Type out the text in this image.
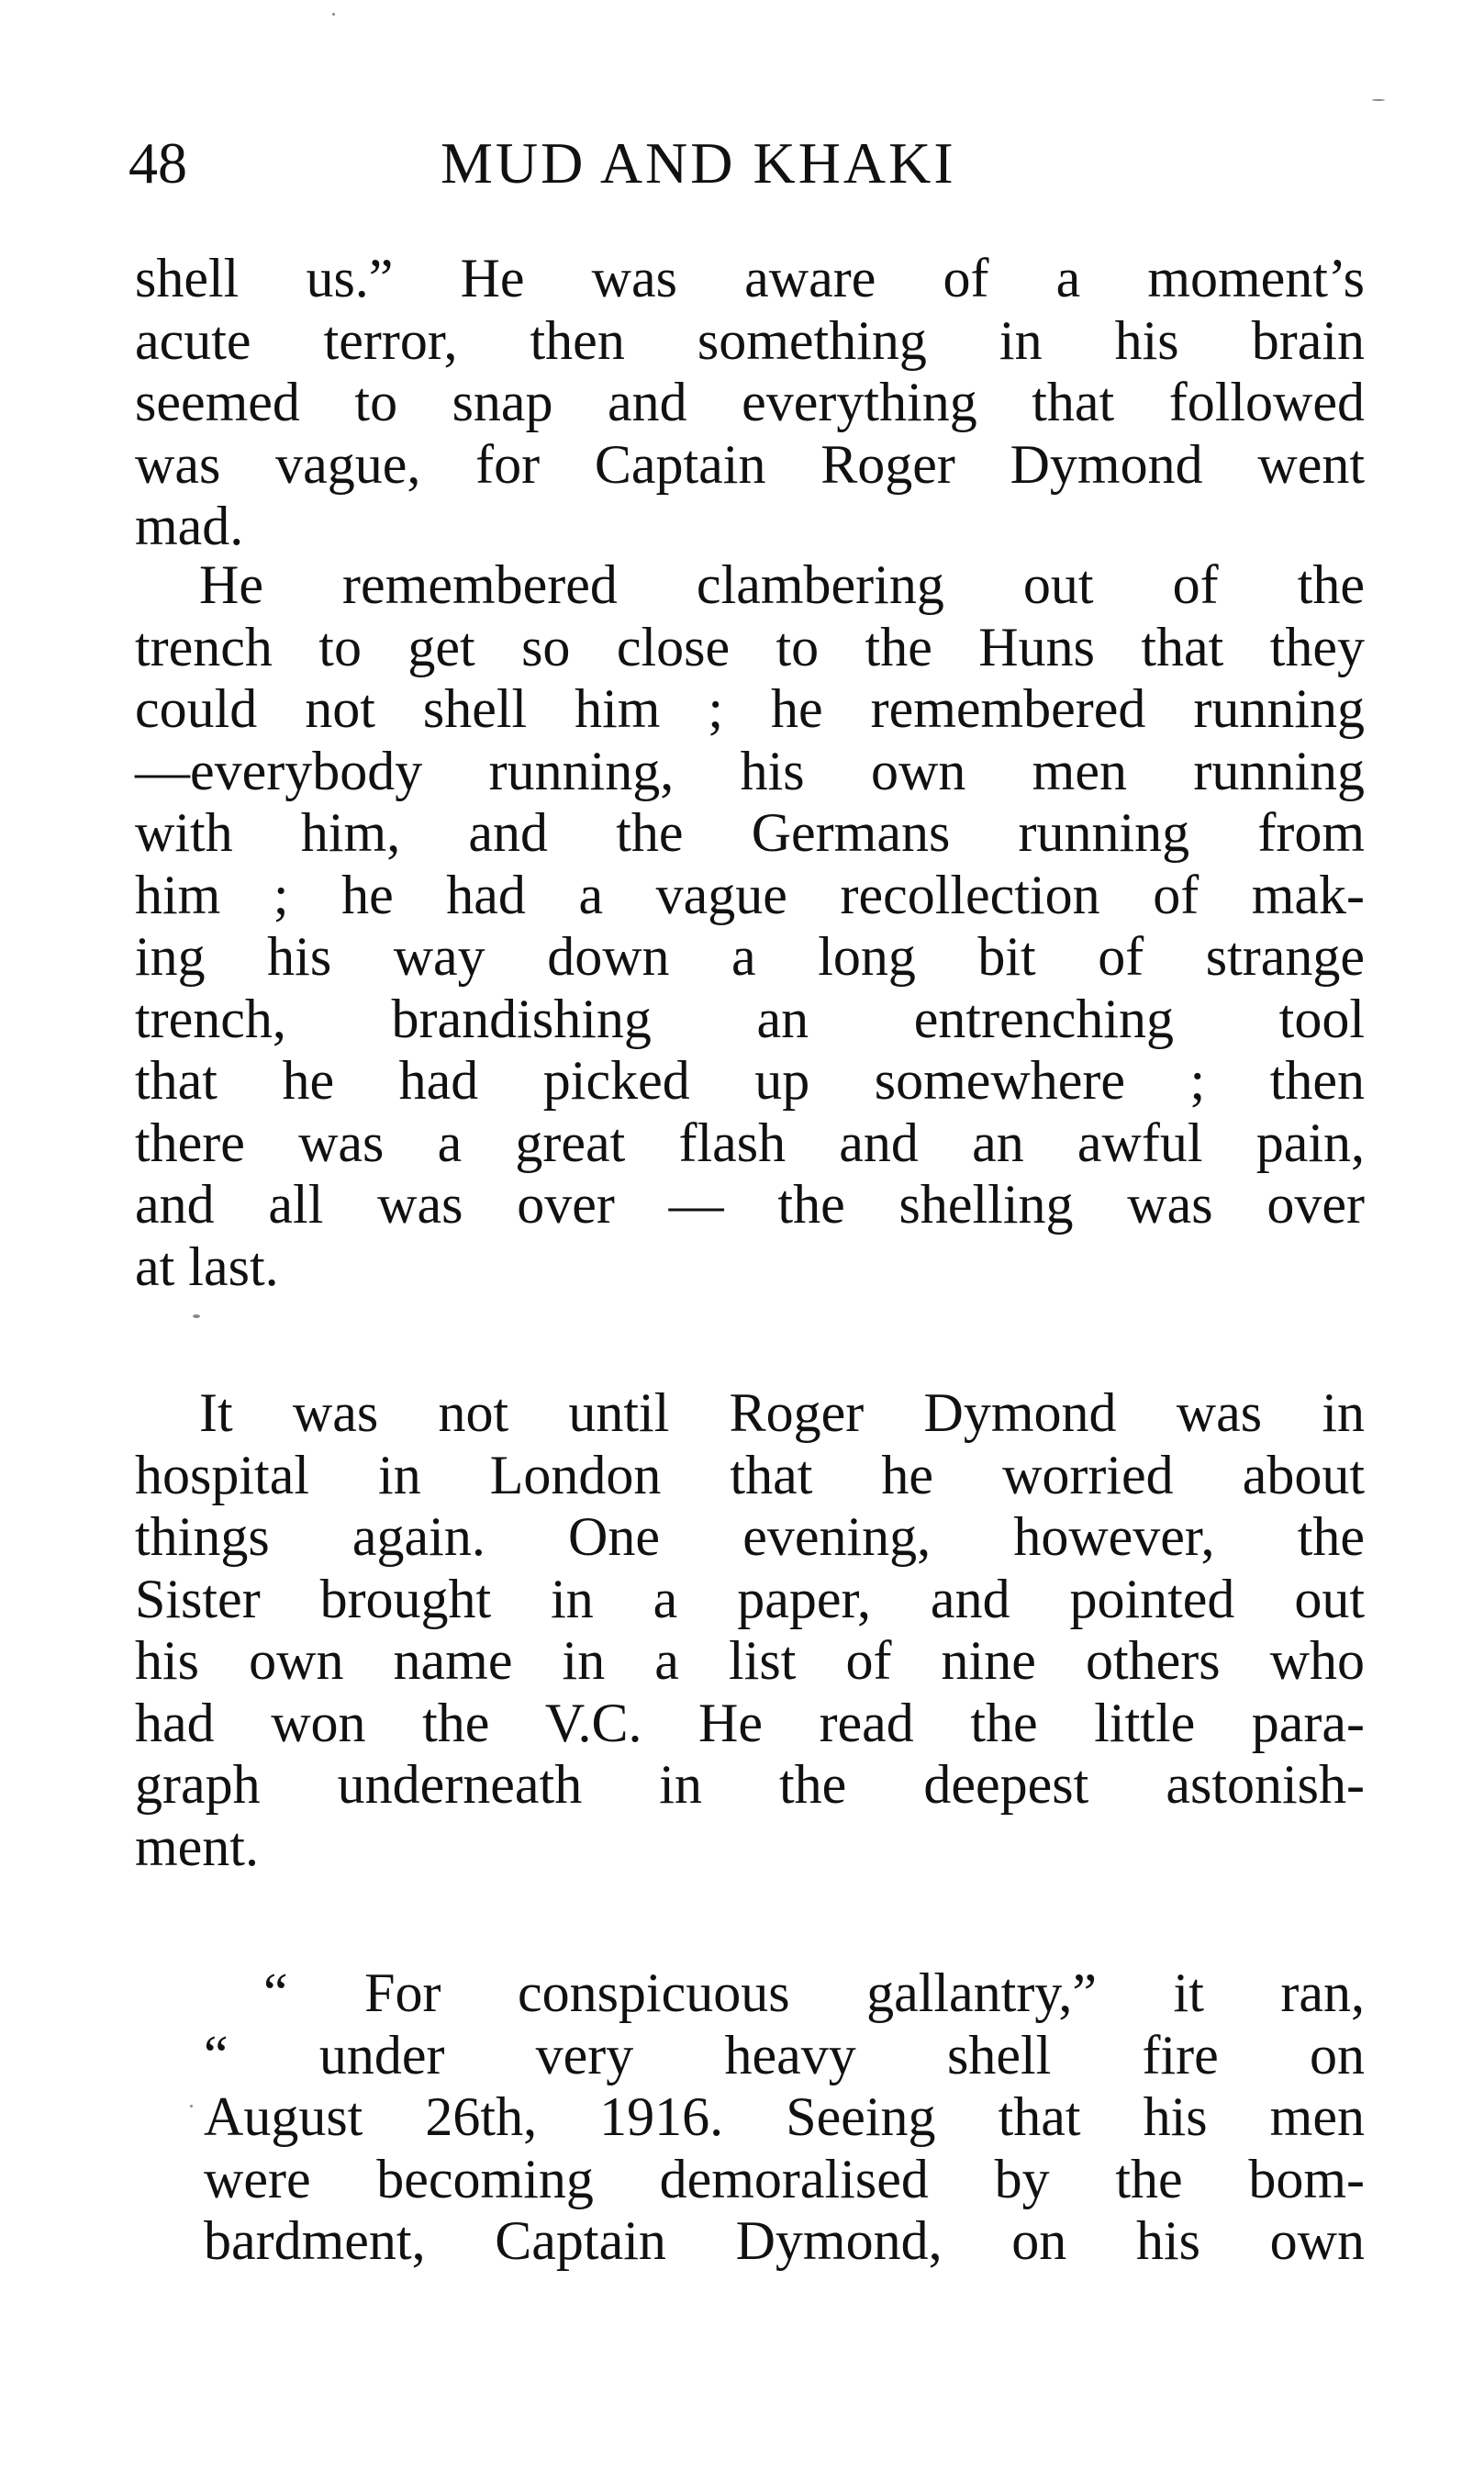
48	MUD AND KHAKI

shell us.” He was aware of a moment’s
acute terror, then something in his brain
seemed to snap and everything that followed
was vague, for Captain Roger Dymond went
mad.

He remembered clambering out of the
trench to get so close to the Huns that they
could not shell him ; he remembered running
—everybody running, his own men running
with him, and the Germans running from
him ; he had a vague recollection of mak-
ing his way down a long bit of strange
trench, brandishing an entrenching tool
that he had picked up somewhere ; then
there was a great flash and an awful pain,
and all was over — the shelling was over
at last.

It was not until Roger Dymond was in
hospital in London that he worried about
things again. One evening, however, the
Sister brought in a paper, and pointed out
his own name in a list of nine others who
had won the V.C. He read the little para-
graph underneath in the deepest astonish-
ment.

“ For conspicuous gallantry,” it ran,
“ under very heavy shell fire on
August 26th, 1916. Seeing that his men
were becoming demoralised by the bom-
bardment, Captain Dymond, on his own
